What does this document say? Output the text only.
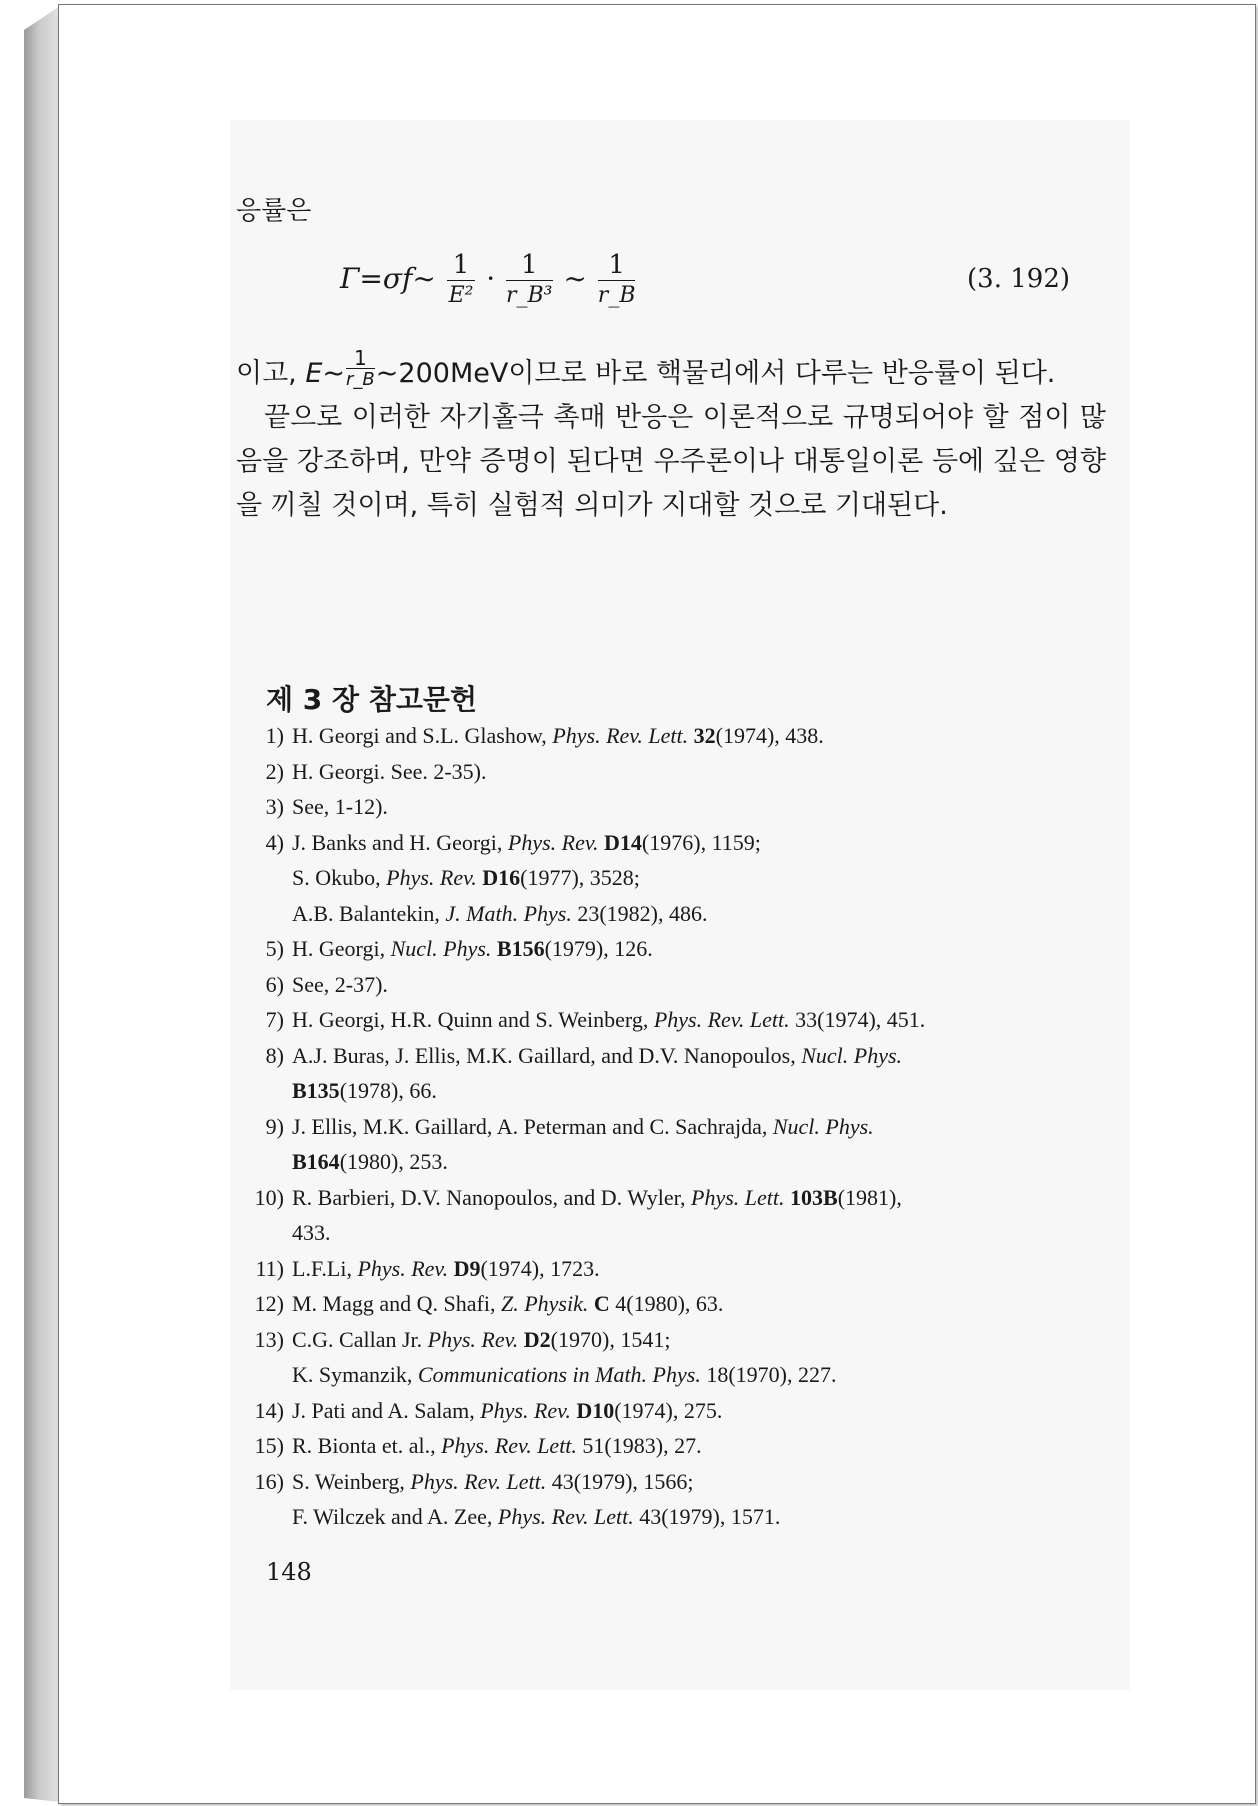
응률은
Γ=σf∼ $\frac{1}{\text{E²}} \cdot \frac{1}{\text{r\_B³}}$ ∼ $\frac{1}{r\_B}$	(3. 192)

이고, E∼ $\frac{1}{r\_B}$ ∼200MeV이므로 바로 핵물리에서 다루는 반응률이 된다.

끝으로 이러한 자기홀극 촉매 반응은 이론적으로 규명되어야 할 점이 많음을 강조하며, 만약 증명이 된다면 우주론이나 대통일이론 등에 깊은 영향을 끼칠 것이며, 특히 실험적 의미가 지대할 것으로 기대된다.

제 3 장 참고문헌
1) H. Georgi and S.L. Glashow, Phys. Rev. Lett. 32(1974), 438.
2) H. Georgi. See. 2-35).
3) See, 1-12).
4) J. Banks and H. Georgi, Phys. Rev. D14(1976), 1159;
S. Okubo, Phys. Rev. D16(1977), 3528;
A.B. Balantekin, J. Math. Phys. 23(1982), 486.
5) H. Georgi, Nucl. Phys. B156(1979), 126.
6) See, 2-37).
7) H. Georgi, H.R. Quinn and S. Weinberg, Phys. Rev. Lett. 33(1974), 451.
8) A.J. Buras, J. Ellis, M.K. Gaillard, and D.V. Nanopoulos, Nucl. Phys.
B135(1978), 66.
9) J. Ellis, M.K. Gaillard, A. Peterman and C. Sachrajda, Nucl. Phys.
B164(1980), 253.
10) R. Barbieri, D.V. Nanopoulos, and D. Wyler, Phys. Lett. 103B(1981),
433.
11) L.F.Li, Phys. Rev. D9(1974), 1723.
12) M. Magg and Q. Shafi, Z. Physik. C 4(1980), 63.
13) C.G. Callan Jr. Phys. Rev. D2(1970), 1541;
K. Symanzik, Communications in Math. Phys. 18(1970), 227.
14) J. Pati and A. Salam, Phys. Rev. D10(1974), 275.
15) R. Bionta et. al., Phys. Rev. Lett. 51(1983), 27.
16) S. Weinberg, Phys. Rev. Lett. 43(1979), 1566;
F. Wilczek and A. Zee, Phys. Rev. Lett. 43(1979), 1571.
148
